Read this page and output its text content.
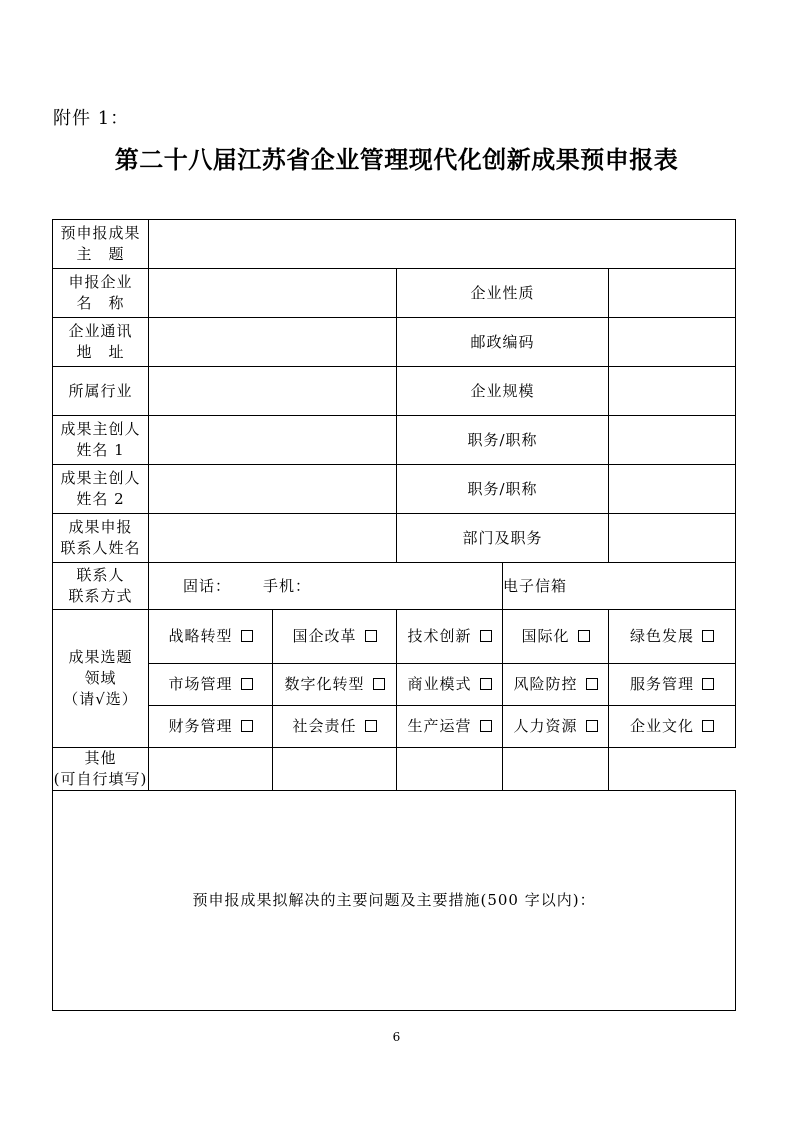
附件 1：
第二十八届江苏省企业管理现代化创新成果预申报表
预申报成果
主　题					
申报企业
名　称			企业性质		
企业通讯
地　址			邮政编码		
所属行业			企业规模		
成果主创人
姓名 1			职务/职称		
成果主创人
姓名 2			职务/职称		
成果申报
联系人姓名			部门及职务		
联系人
联系方式	固话： 手机：			电子信箱	
成果选题
领域
（请√选）	战略转型	国企改革	技术创新	国际化	绿色发展
	市场管理	数字化转型	商业模式	风险防控	服务管理
	财务管理	社会责任	生产运营	人力资源	企业文化
其他
(可自行填写)					
预申报成果拟解决的主要问题及主要措施(500 字以内)：					
6
